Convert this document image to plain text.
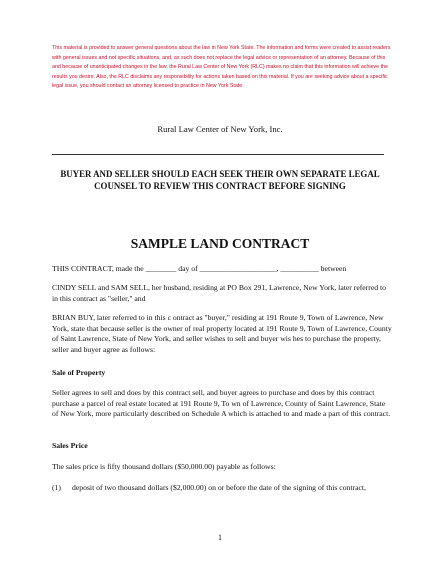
This material is provided to answer general questions about the law in New York State. The information and forms were created to assist readers with general issues and not specific situations, and, as such does not replace the legal advice or representation of an attorney. Because of this and because of unanticipated changes in the law, the Rural Law Center of New York (RLC) makes no claim that this information will achieve the results you desire. Also, the RLC disclaims any responsibility for actions taken based on this material. If you are seeking advice about a specific legal issue, you should contact an attorney licensed to practice in New York State.
Rural Law Center of New York, Inc.
BUYER AND SELLER SHOULD EACH SEEK THEIR OWN SEPARATE LEGAL COUNSEL TO REVIEW THIS CONTRACT BEFORE SIGNING
SAMPLE LAND CONTRACT
THIS CONTRACT, made the ________ day of ____________________, __________ between
CINDY SELL and SAM SELL, her husband, residing at PO Box 291, Lawrence, New York, later referred to in this contract as "seller," and
BRIAN BUY, later referred to in this c ontract as "buyer," residing at 191 Route 9, Town of Lawrence, New York, state that because seller is the owner of real property located at 191 Route 9, Town of Lawrence, County of Saint Lawrence, State of New York, and seller wishes to sell and buyer wis hes to purchase the property, seller and buyer agree as follows:
Sale of Property
Seller agrees to sell and does by this contract sell, and buyer agrees to purchase and does by this contract purchase a parcel of real estate located at 191 Route 9, To wn of Lawrence, County of Saint Lawrence, State of New York, more particularly described on Schedule A which is attached to and made a part of this contract.
Sales Price
The sales price is fifty thousand dollars ($50,000.00) payable as follows:
(1) deposit of two thousand dollars ($2,000.00) on or before the date of the signing of this contract,
1
